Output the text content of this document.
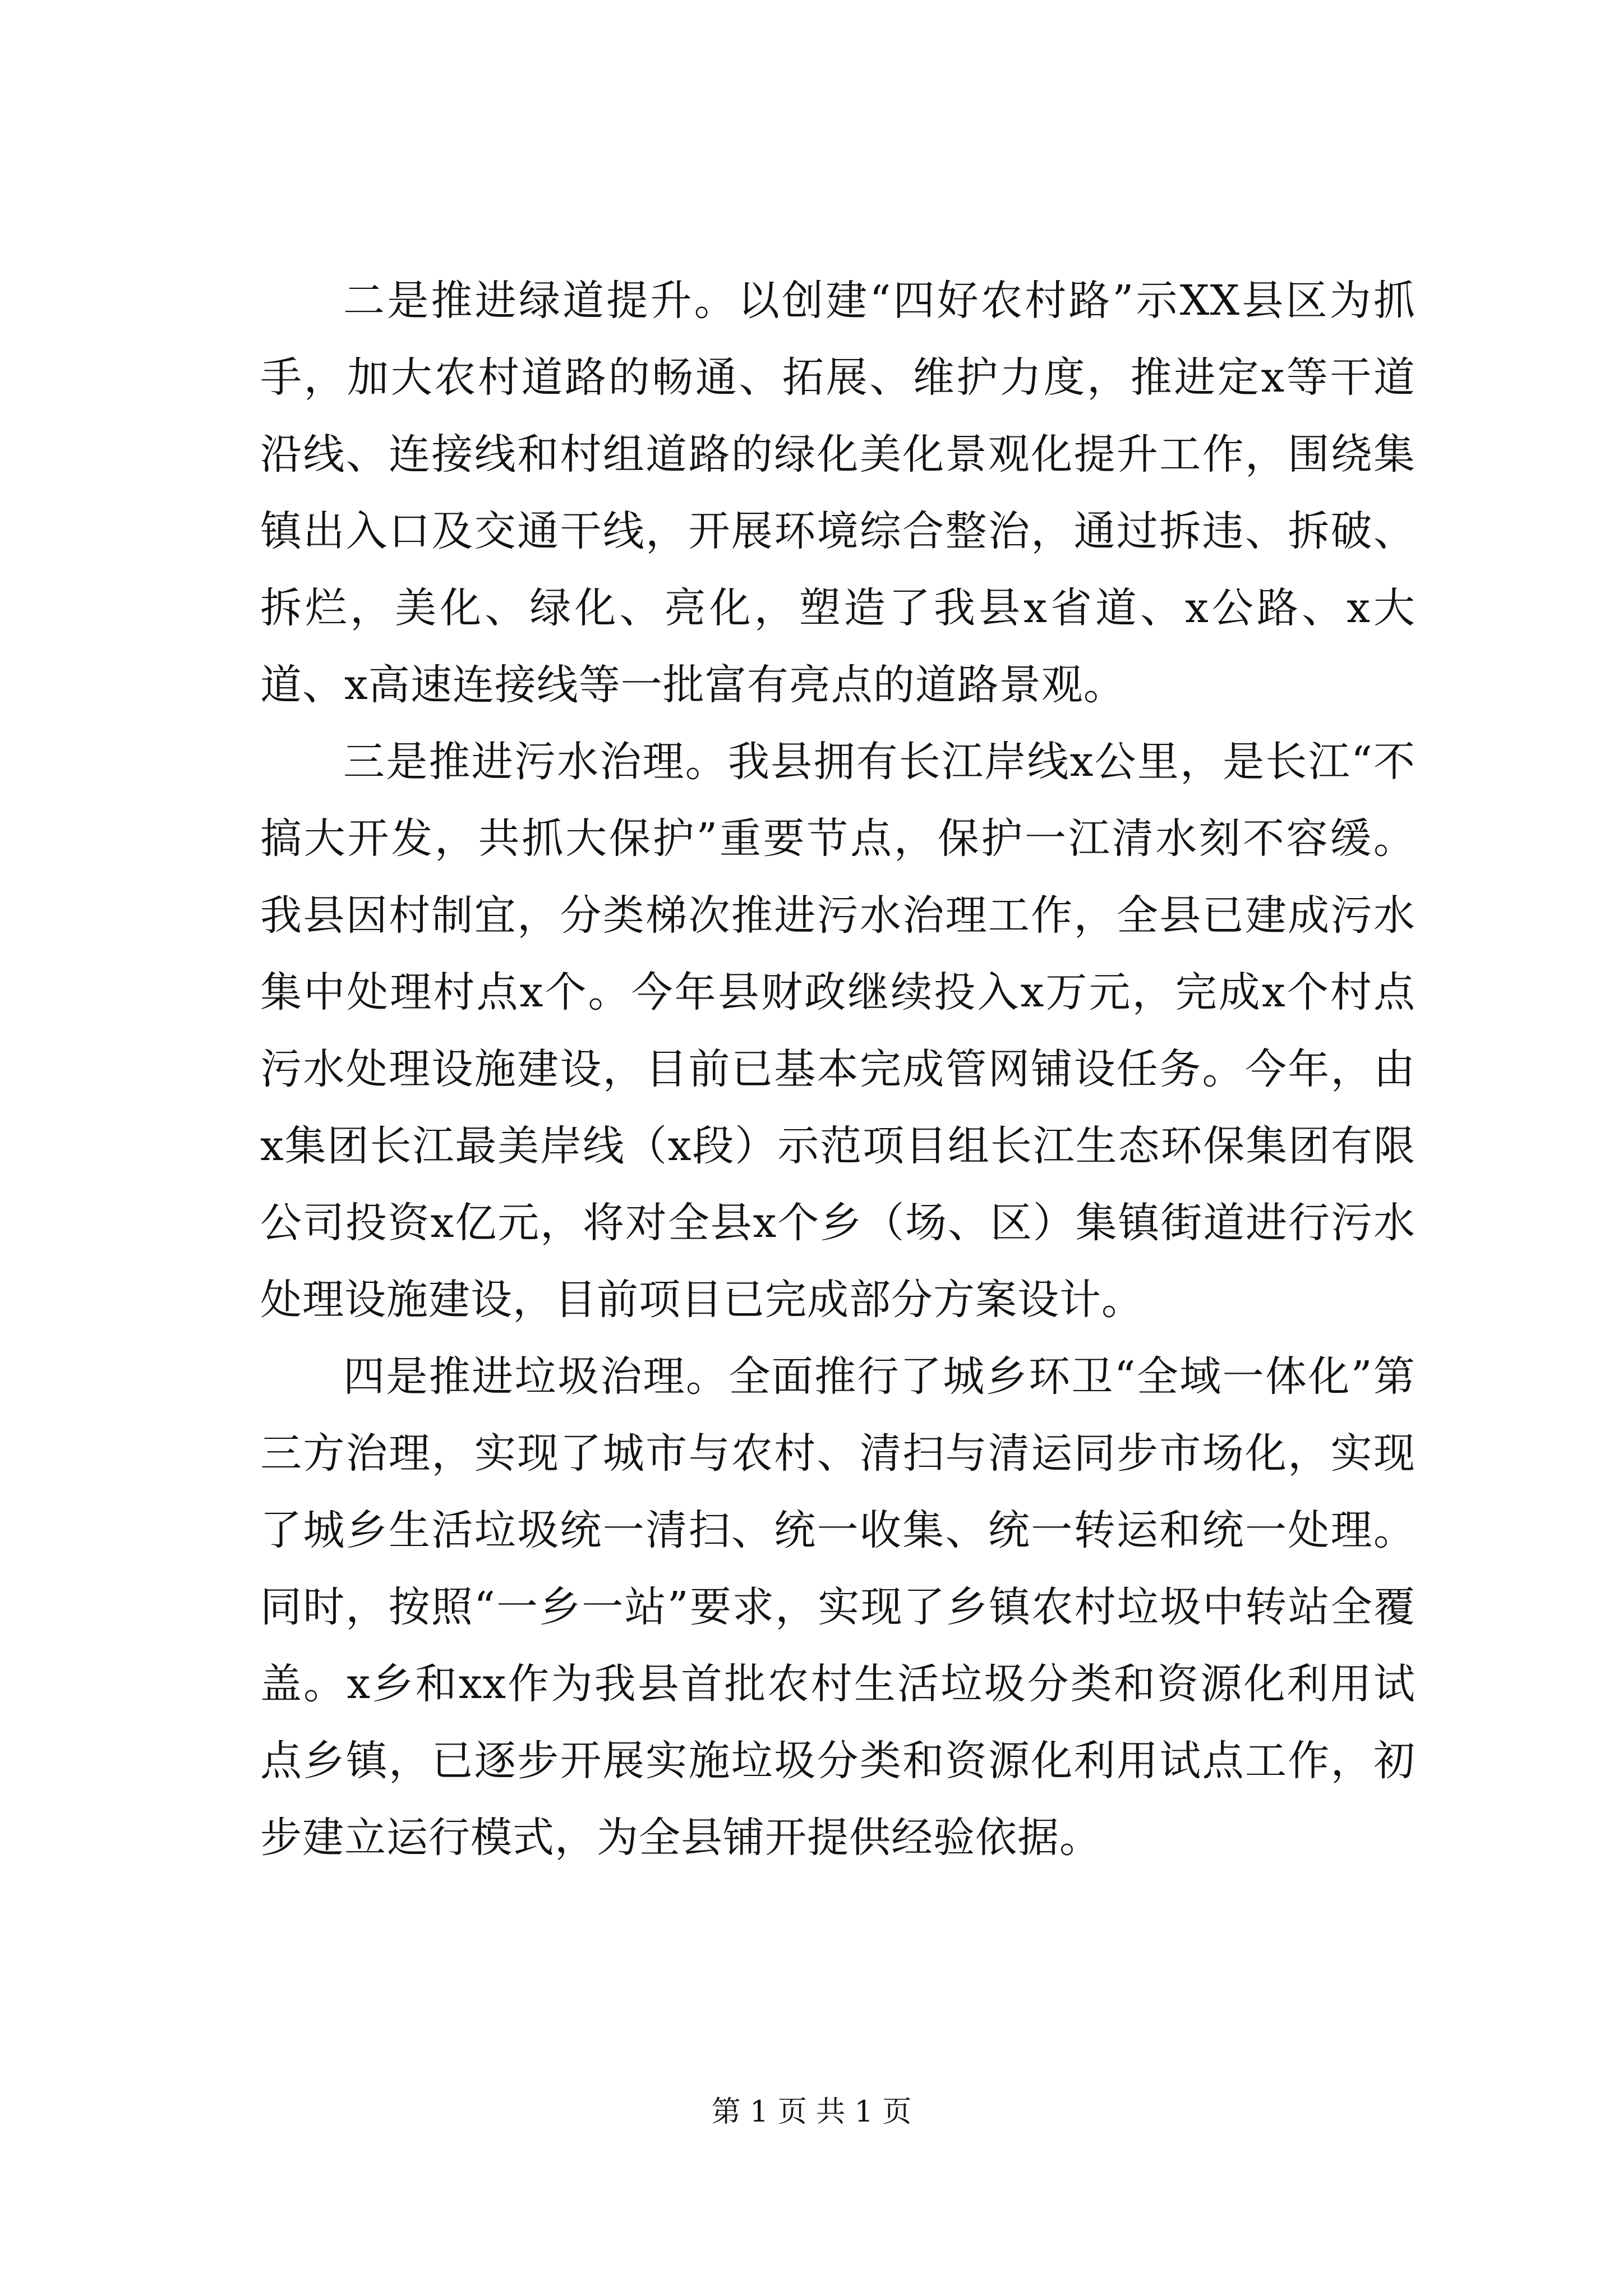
二是推进绿道提升。以创建“四好农村路”示XX县区为抓手，加大农村道路的畅通、拓展、维护力度，推进定x等干道沿线、连接线和村组道路的绿化美化景观化提升工作，围绕集镇出入口及交通干线，开展环境综合整治，通过拆违、拆破、拆烂，美化、绿化、亮化，塑造了我县x省道、x公路、x大道、x高速连接线等一批富有亮点的道路景观。

三是推进污水治理。我县拥有长江岸线x公里，是长江“不搞大开发，共抓大保护”重要节点，保护一江清水刻不容缓。我县因村制宜，分类梯次推进污水治理工作，全县已建成污水集中处理村点x个。今年县财政继续投入x万元，完成x个村点污水处理设施建设，目前已基本完成管网铺设任务。今年，由x集团长江最美岸线（x段）示范项目组长江生态环保集团有限公司投资x亿元，将对全县x个乡（场、区）集镇街道进行污水处理设施建设，目前项目已完成部分方案设计。

四是推进垃圾治理。全面推行了城乡环卫“全域一体化”第三方治理，实现了城市与农村、清扫与清运同步市场化，实现了城乡生活垃圾统一清扫、统一收集、统一转运和统一处理。同时，按照“一乡一站”要求，实现了乡镇农村垃圾中转站全覆盖。x乡和xx作为我县首批农村生活垃圾分类和资源化利用试点乡镇，已逐步开展实施垃圾分类和资源化利用试点工作，初步建立运行模式，为全县铺开提供经验依据。

第 1 页 共 1 页
